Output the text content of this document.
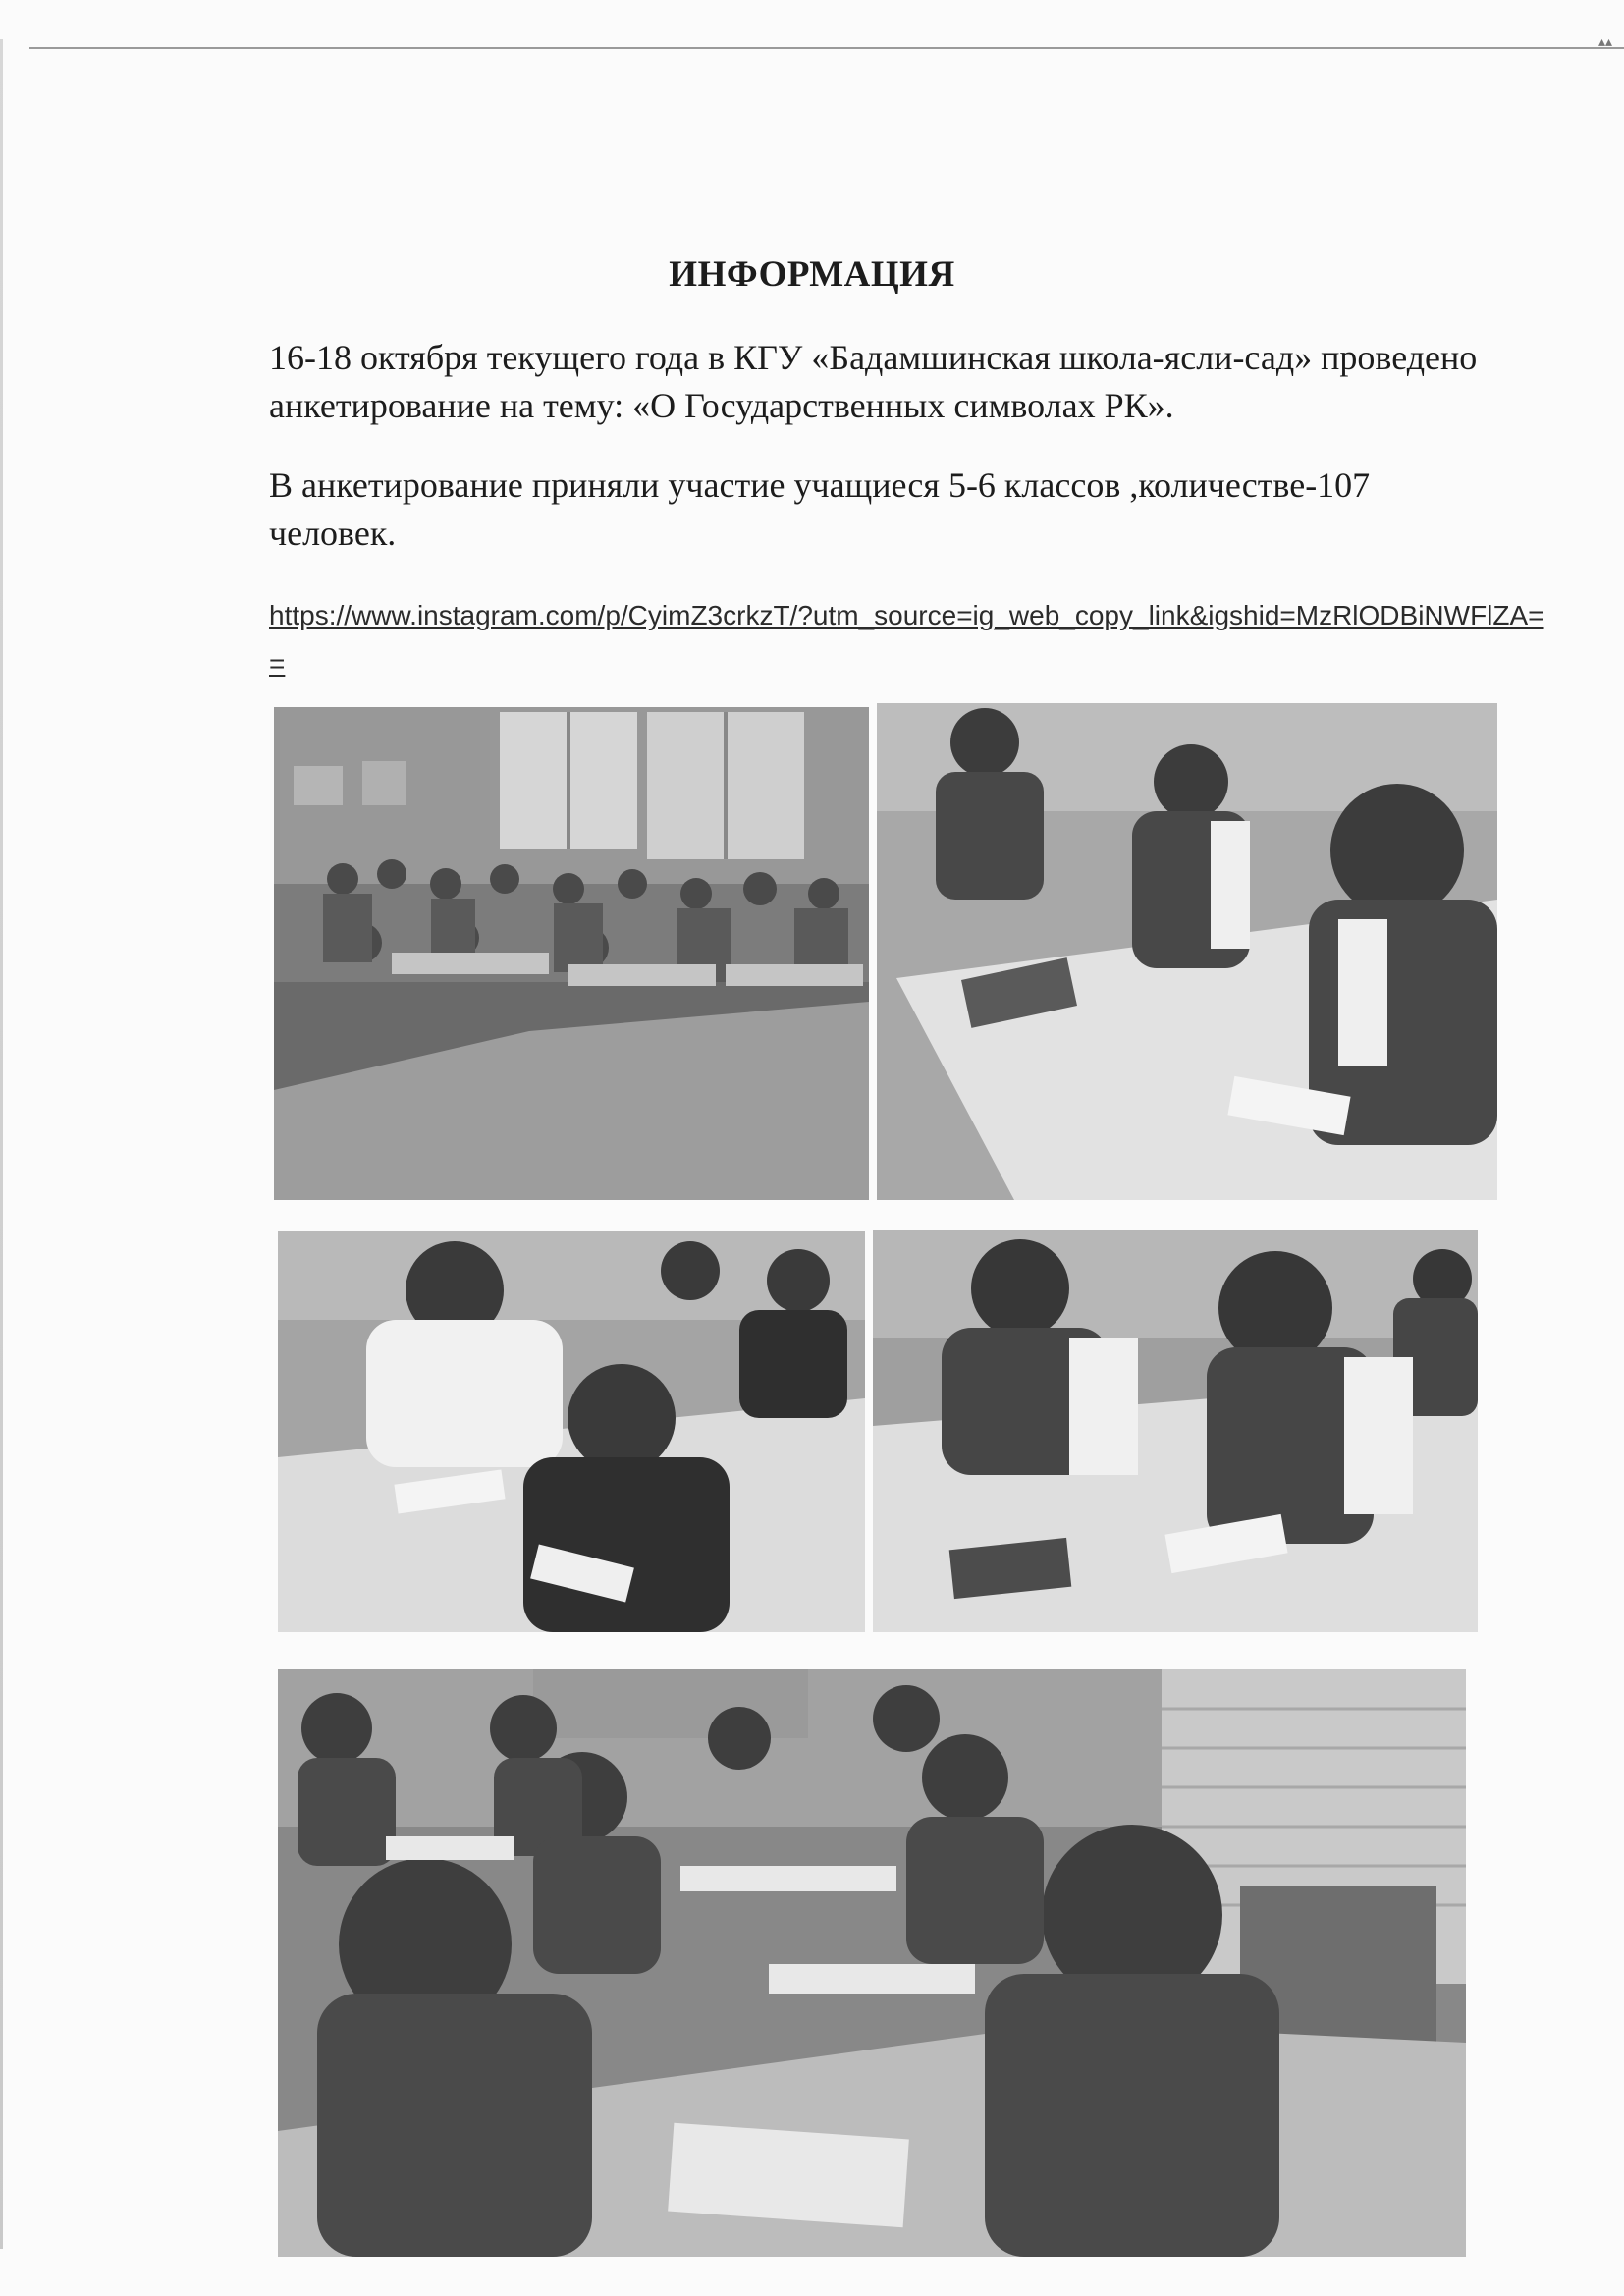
▴▴
ИНФОРМАЦИЯ
16-18 октября текущего года в КГУ «Бадамшинская школа-ясли-сад» проведено анкетирование на тему: «О Государственных символах РК».
В анкетирование приняли участие учащиеся 5-6 классов ,количестве-107 человек.
https://www.instagram.com/p/CyimZ3crkzT/?utm_source=ig_web_copy_link&igshid=MzRlODBiNWFlZA==
